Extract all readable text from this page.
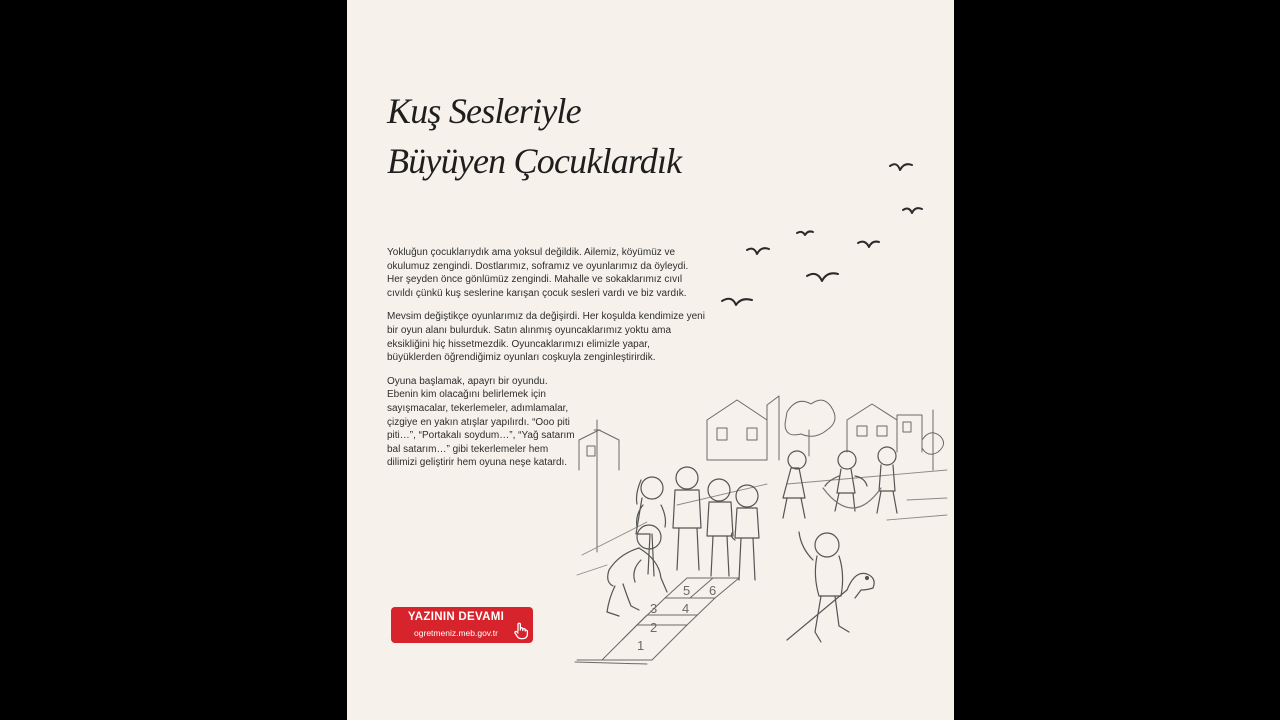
Kuş Sesleriyle
Büyüyen Çocuklardık

Yokluğun çocuklarıydık ama yoksul değildik. Ailemiz, köyümüz ve okulumuz zengindi. Dostlarımız, soframız ve oyunlarımız da öyleydi. Her şeyden önce gönlümüz zengindi. Mahalle ve sokaklarımız cıvıl cıvıldı çünkü kuş seslerine karışan çocuk sesleri vardı ve biz vardık.

Mevsim değiştikçe oyunlarımız da değişirdi. Her koşulda kendimize yeni bir oyun alanı bulurduk. Satın alınmış oyuncaklarımız yoktu ama eksikliğini hiç hissetmezdik. Oyuncaklarımızı elimizle yapar, büyüklerden öğrendiğimiz oyunları coşkuyla zenginleştirirdik.

Oyuna başlamak, apayrı bir oyundu. Ebenin kim olacağını belirlemek için sayışmacalar, tekerlemeler, adımlamalar, çizgiye en yakın atışlar yapılırdı. “Ooo piti piti…”, “Portakalı soydum…”, “Yağ satarım bal satarım…” gibi tekerlemeler hem dilimizi geliştirir hem oyuna neşe katardı.

1
2
3 4
5 6
YAZININ DEVAMI
ogretmeniz.meb.gov.tr
